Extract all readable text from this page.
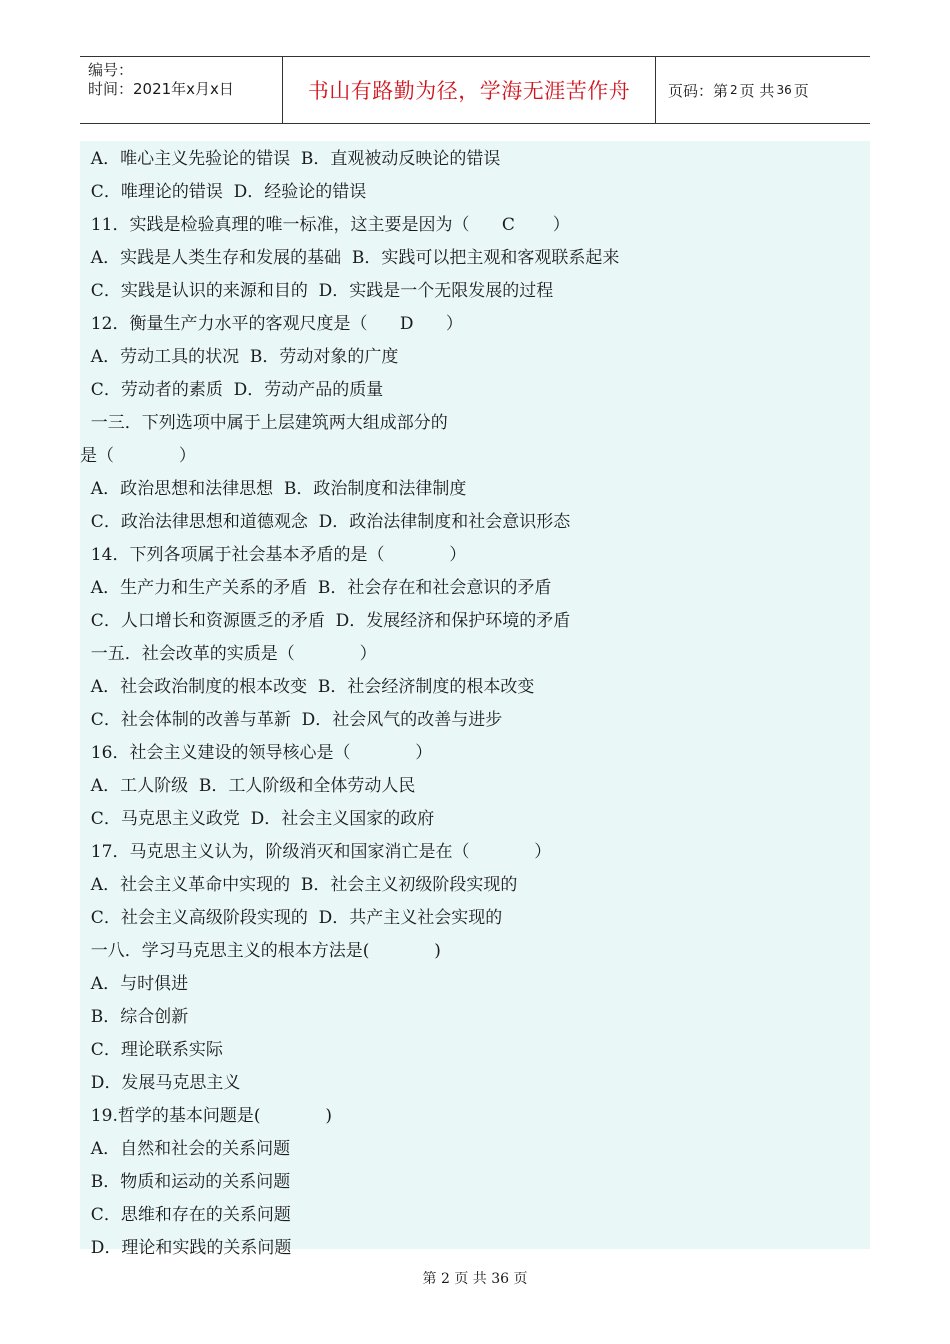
编号：
时间：2021年x月x日	书山有路勤为径，学海无涯苦作舟	页码：第 2 页 共 36 页
A．唯心主义先验论的错误  B．直观被动反映论的错误
C．唯理论的错误  D．经验论的错误
11．实践是检验真理的唯一标准，这主要是因为（      C       ）
A．实践是人类生存和发展的基础  B．实践可以把主观和客观联系起来
C．实践是认识的来源和目的  D．实践是一个无限发展的过程
12．衡量生产力水平的客观尺度是（      D      ）
A．劳动工具的状况  B．劳动对象的广度
C．劳动者的素质  D．劳动产品的质量
一三．下列选项中属于上层建筑两大组成部分的
是（            ）
A．政治思想和法律思想  B．政治制度和法律制度
C．政治法律思想和道德观念  D．政治法律制度和社会意识形态
14．下列各项属于社会基本矛盾的是（            ）
A．生产力和生产关系的矛盾  B．社会存在和社会意识的矛盾
C．人口增长和资源匮乏的矛盾  D．发展经济和保护环境的矛盾
一五．社会改革的实质是（            ）
A．社会政治制度的根本改变  B．社会经济制度的根本改变
C．社会体制的改善与革新  D．社会风气的改善与进步
16．社会主义建设的领导核心是（            ）
A．工人阶级  B．工人阶级和全体劳动人民
C．马克思主义政党  D．社会主义国家的政府
17．马克思主义认为，阶级消灭和国家消亡是在（            ）
A．社会主义革命中实现的  B．社会主义初级阶段实现的
C．社会主义高级阶段实现的  D．共产主义社会实现的
一八．学习马克思主义的根本方法是(            )
A．与时俱进
B．综合创新
C．理论联系实际
D．发展马克思主义
19.哲学的基本问题是(            )
A．自然和社会的关系问题
B．物质和运动的关系问题
C．思维和存在的关系问题
D．理论和实践的关系问题
第 2 页 共 36 页
